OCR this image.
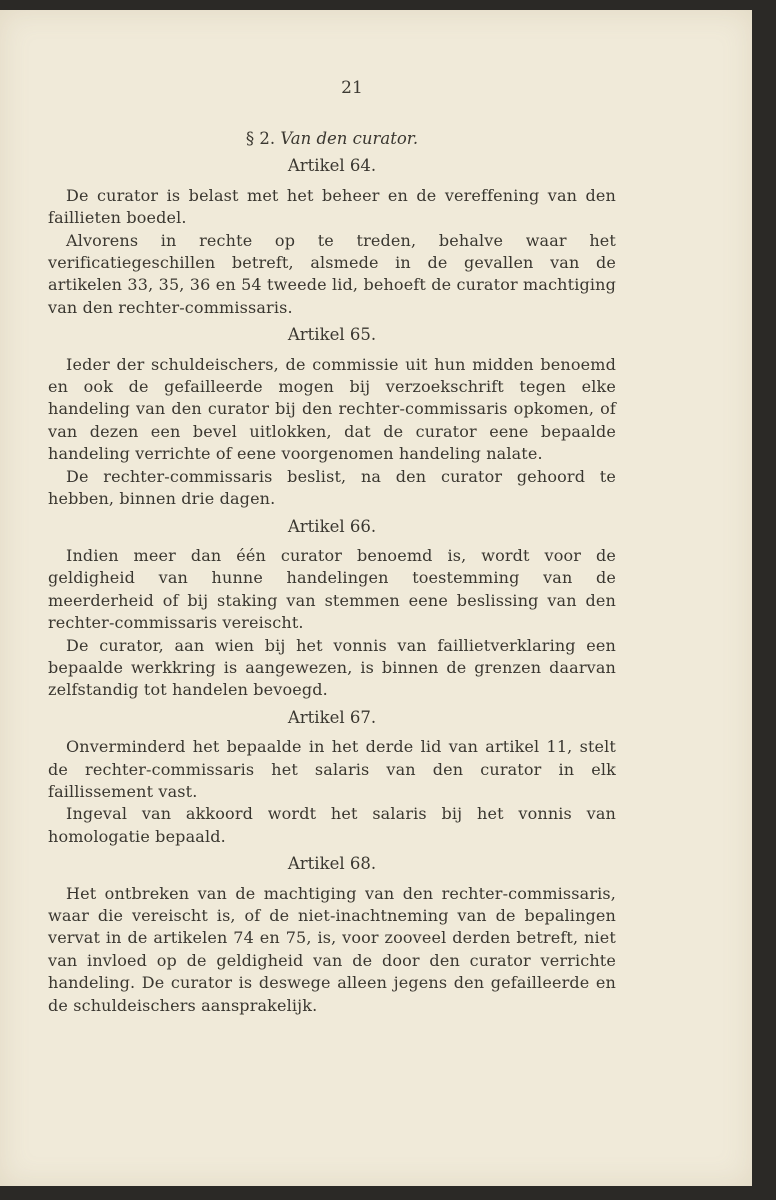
21
§ 2. Van den curator.
Artikel 64.

De curator is belast met het beheer en de vereffening van den faillieten boedel.

Alvorens in rechte op te treden, behalve waar het verificatiegeschillen betreft, alsmede in de gevallen van de artikelen 33, 35, 36 en 54 tweede lid, behoeft de curator machtiging van den rechter-commissaris.

Artikel 65.

Ieder der schuldeischers, de commissie uit hun midden benoemd en ook de gefailleerde mogen bij verzoekschrift tegen elke handeling van den curator bij den rechter-commissaris opkomen, of van dezen een bevel uitlokken, dat de curator eene bepaalde handeling verrichte of eene voorgenomen handeling nalate.

De rechter-commissaris beslist, na den curator gehoord te hebben, binnen drie dagen.

Artikel 66.

Indien meer dan één curator benoemd is, wordt voor de geldigheid van hunne handelingen toestemming van de meerderheid of bij staking van stemmen eene beslissing van den rechter-commissaris vereischt.

De curator, aan wien bij het vonnis van faillietverklaring een bepaalde werkkring is aangewezen, is binnen de grenzen daarvan zelfstandig tot handelen bevoegd.

Artikel 67.

Onverminderd het bepaalde in het derde lid van artikel 11, stelt de rechter-commissaris het salaris van den curator in elk faillissement vast.

Ingeval van akkoord wordt het salaris bij het vonnis van homologatie bepaald.

Artikel 68.

Het ontbreken van de machtiging van den rechter-commissaris, waar die vereischt is, of de niet-inachtneming van de bepalingen vervat in de artikelen 74 en 75, is, voor zooveel derden betreft, niet van invloed op de geldigheid van de door den curator verrichte handeling. De curator is deswege alleen jegens den gefailleerde en de schuldeischers aansprakelijk.
